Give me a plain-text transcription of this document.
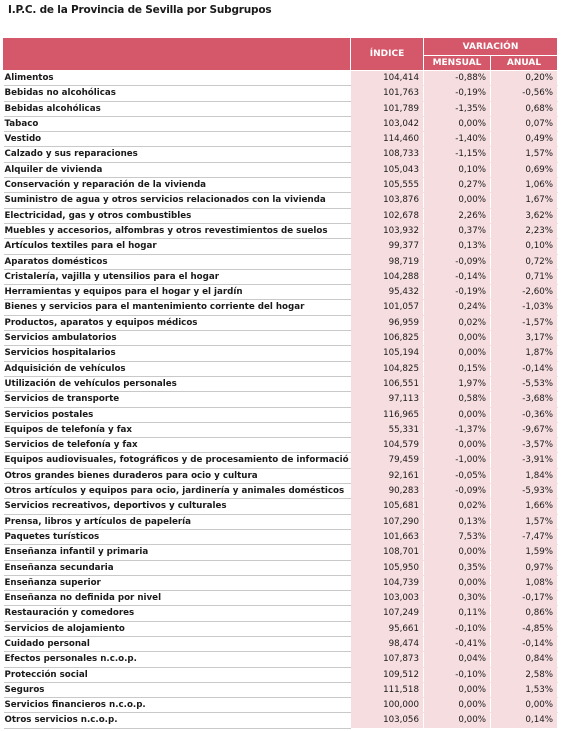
I.P.C. de la Provincia de Sevilla por Subgrupos
	ÍNDICE	VARIACIÓN	
		MENSUAL	ANUAL
Alimentos	104,414	-0,88%	0,20%
Bebidas no alcohólicas	101,763	-0,19%	-0,56%
Bebidas alcohólicas	101,789	-1,35%	0,68%
Tabaco	103,042	0,00%	0,07%
Vestido	114,460	-1,40%	0,49%
Calzado y sus reparaciones	108,733	-1,15%	1,57%
Alquiler de vivienda	105,043	0,10%	0,69%
Conservación y reparación de la vivienda	105,555	0,27%	1,06%
Suministro de agua y otros servicios relacionados con la vivienda	103,876	0,00%	1,67%
Electricidad, gas y otros combustibles	102,678	2,26%	3,62%
Muebles y accesorios, alfombras y otros revestimientos de suelos	103,932	0,37%	2,23%
Artículos textiles para el hogar	99,377	0,13%	0,10%
Aparatos domésticos	98,719	-0,09%	0,72%
Cristalería, vajilla y utensilios para el hogar	104,288	-0,14%	0,71%
Herramientas y equipos para el hogar y el jardín	95,432	-0,19%	-2,60%
Bienes y servicios para el mantenimiento corriente del hogar	101,057	0,24%	-1,03%
Productos, aparatos y equipos médicos	96,959	0,02%	-1,57%
Servicios ambulatorios	106,825	0,00%	3,17%
Servicios hospitalarios	105,194	0,00%	1,87%
Adquisición de vehículos	104,825	0,15%	-0,14%
Utilización de vehículos personales	106,551	1,97%	-5,53%
Servicios de transporte	97,113	0,58%	-3,68%
Servicios postales	116,965	0,00%	-0,36%
Equipos de telefonía y fax	55,331	-1,37%	-9,67%
Servicios de telefonía y fax	104,579	0,00%	-3,57%
Equipos audiovisuales, fotográficos y de procesamiento de informació	79,459	-1,00%	-3,91%
Otros grandes bienes duraderos para ocio y cultura	92,161	-0,05%	1,84%
Otros artículos y equipos para ocio, jardinería y animales domésticos	90,283	-0,09%	-5,93%
Servicios recreativos, deportivos y culturales	105,681	0,02%	1,66%
Prensa, libros y artículos de papelería	107,290	0,13%	1,57%
Paquetes turísticos	101,663	7,53%	-7,47%
Enseñanza infantil y primaria	108,701	0,00%	1,59%
Enseñanza secundaria	105,950	0,35%	0,97%
Enseñanza superior	104,739	0,00%	1,08%
Enseñanza no definida por nivel	103,003	0,30%	-0,17%
Restauración y comedores	107,249	0,11%	0,86%
Servicios de alojamiento	95,661	-0,10%	-4,85%
Cuidado personal	98,474	-0,41%	-0,14%
Efectos personales n.c.o.p.	107,873	0,04%	0,84%
Protección social	109,512	-0,10%	2,58%
Seguros	111,518	0,00%	1,53%
Servicios financieros n.c.o.p.	100,000	0,00%	0,00%
Otros servicios n.c.o.p.	103,056	0,00%	0,14%
